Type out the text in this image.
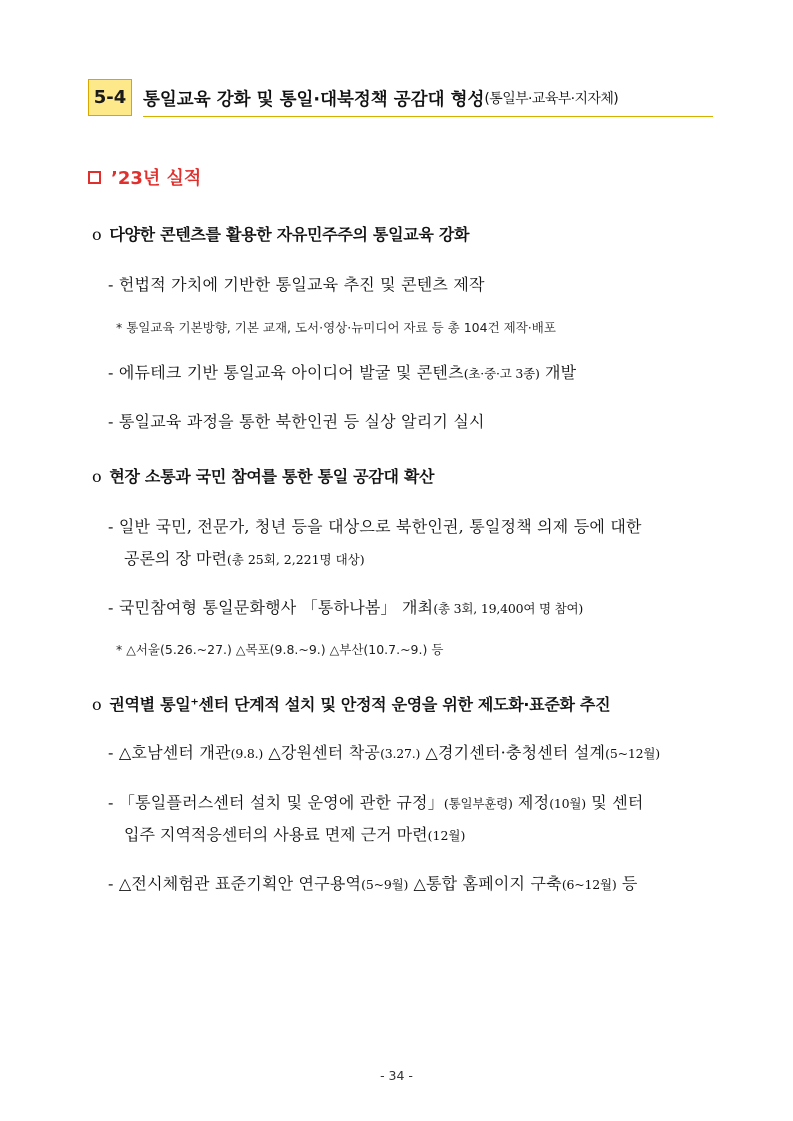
5-4 통일교육 강화 및 통일·대북정책 공감대 형성 (통일부·교육부·지자체)
’23년 실적
o 다양한 콘텐츠를 활용한 자유민주주의 통일교육 강화
- 헌법적 가치에 기반한 통일교육 추진 및 콘텐츠 제작
* 통일교육 기본방향, 기본 교재, 도서·영상·뉴미디어 자료 등 총 104건 제작·배포
- 에듀테크 기반 통일교육 아이디어 발굴 및 콘텐츠(초·중·고 3종) 개발
- 통일교육 과정을 통한 북한인권 등 실상 알리기 실시
o 현장 소통과 국민 참여를 통한 통일 공감대 확산
- 일반 국민, 전문가, 청년 등을 대상으로 북한인권, 통일정책 의제 등에 대한
공론의 장 마련(총 25회, 2,221명 대상)
- 국민참여형 통일문화행사 「통하나봄」 개최(총 3회, 19,400여 명 참여)
* △서울(5.26.~27.) △목포(9.8.~9.) △부산(10.7.~9.) 등
o 권역별 통일⁺센터 단계적 설치 및 안정적 운영을 위한 제도화·표준화 추진
- △호남센터 개관(9.8.) △강원센터 착공(3.27.) △경기센터·충청센터 설계(5~12월)
- 「통일플러스센터 설치 및 운영에 관한 규정」(통일부훈령) 제정(10월) 및 센터
입주 지역적응센터의 사용료 면제 근거 마련(12월)
- △전시체험관 표준기획안 연구용역(5~9월) △통합 홈페이지 구축(6~12월) 등
- 34 -
